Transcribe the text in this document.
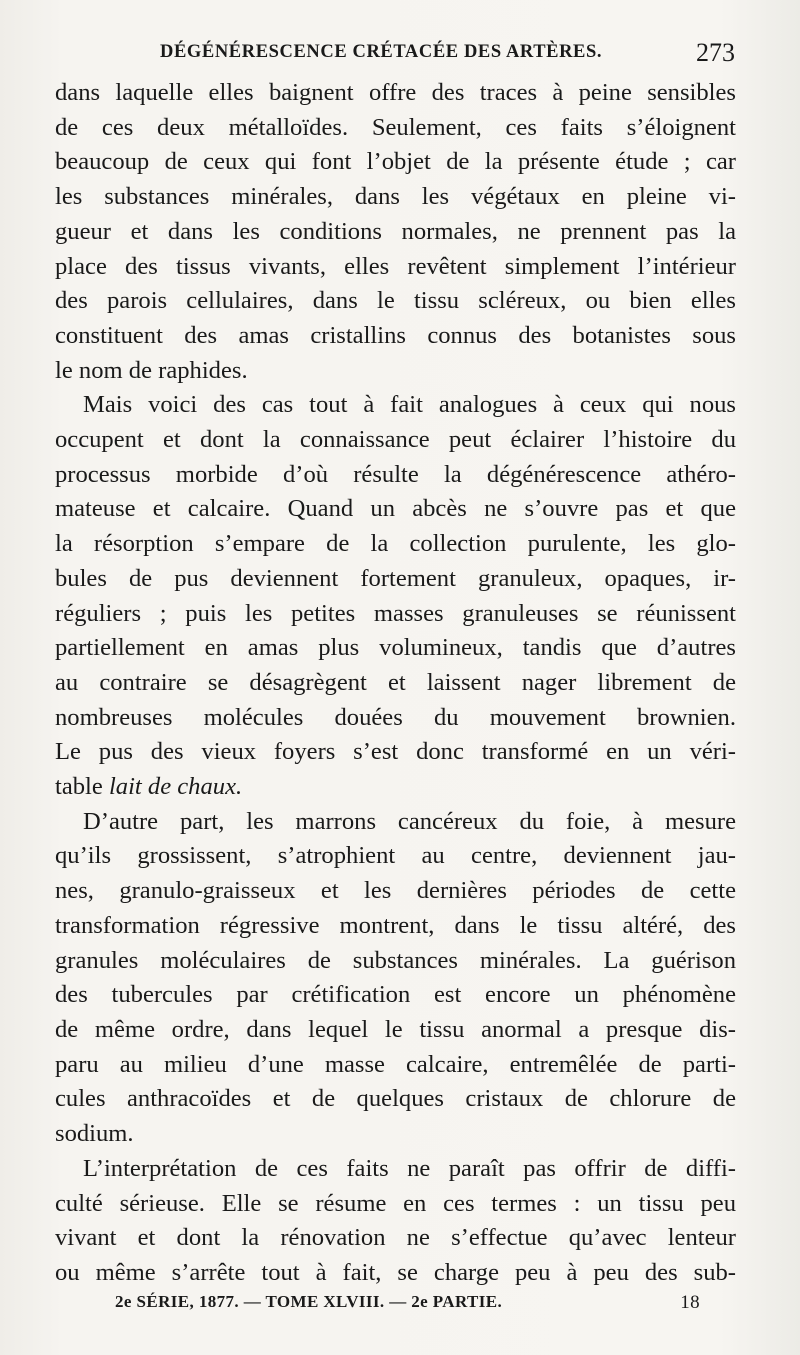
DÉGÉNÉRESCENCE CRÉTACÉE DES ARTÈRES.	273

dans laquelle elles baignent offre des traces à peine sensibles
de ces deux métalloïdes. Seulement, ces faits s’éloignent
beaucoup de ceux qui font l’objet de la présente étude ; car
les substances minérales, dans les végétaux en pleine vi-
gueur et dans les conditions normales, ne prennent pas la
place des tissus vivants, elles revêtent simplement l’intérieur
des parois cellulaires, dans le tissu scléreux, ou bien elles
constituent des amas cristallins connus des botanistes sous
le nom de raphides.

Mais voici des cas tout à fait analogues à ceux qui nous
occupent et dont la connaissance peut éclairer l’histoire du
processus morbide d’où résulte la dégénérescence athéro-
mateuse et calcaire. Quand un abcès ne s’ouvre pas et que
la résorption s’empare de la collection purulente, les glo-
bules de pus deviennent fortement granuleux, opaques, ir-
réguliers ; puis les petites masses granuleuses se réunissent
partiellement en amas plus volumineux, tandis que d’autres
au contraire se désagrègent et laissent nager librement de
nombreuses molécules douées du mouvement brownien.
Le pus des vieux foyers s’est donc transformé en un véri-
table lait de chaux.

D’autre part, les marrons cancéreux du foie, à mesure
qu’ils grossissent, s’atrophient au centre, deviennent jau-
nes, granulo-graisseux et les dernières périodes de cette
transformation régressive montrent, dans le tissu altéré, des
granules moléculaires de substances minérales. La guérison
des tubercules par crétification est encore un phénomène
de même ordre, dans lequel le tissu anormal a presque dis-
paru au milieu d’une masse calcaire, entremêlée de parti-
cules anthracoïdes et de quelques cristaux de chlorure de
sodium.

L’interprétation de ces faits ne paraît pas offrir de diffi-
culté sérieuse. Elle se résume en ces termes : un tissu peu
vivant et dont la rénovation ne s’effectue qu’avec lenteur
ou même s’arrête tout à fait, se charge peu à peu des sub-

2e SÉRIE, 1877. — TOME XLVIII. — 2e PARTIE.	18
